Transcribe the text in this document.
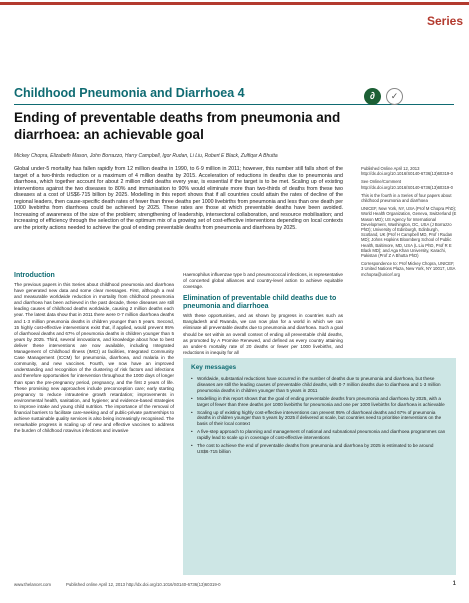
Series
Childhood Pneumonia and Diarrhoea 4	∂	✓
Ending of preventable deaths from pneumonia and diarrhoea: an achievable goal
Mickey Chopra, Elizabeth Mason, John Borrazzo, Harry Campbell, Igor Rudan, Li Liu, Robert E Black, Zulfiqar A Bhutta
Global under-5 mortality has fallen rapidly from 12 million deaths in 1990, to 6·9 million in 2011; however, this number still falls short of the target of a two-thirds reduction or a maximum of 4 million deaths by 2015. Acceleration of reductions in deaths due to pneumonia and diarrhoea, which together account for about 2 million child deaths every year, is essential if the target is to be met. Scaling up of existing interventions against the two diseases to 80% and immunisation to 90% would eliminate more than two-thirds of deaths from these two diseases at a cost of US$6·715 billion by 2025. Modelling in this report shows that if all countries could attain the rates of decline of the regional leaders, then cause-specific death rates of fewer than three deaths per 1000 livebirths from pneumonia and less than one death per 1000 livebirths from diarrhoea could be achieved by 2025. These rates are those at which preventable deaths have been avoided. Increasing of awareness of the size of the problem; strengthening of leadership, intersectoral collaboration, and resource mobilisation; and increasing of efficiency through the selection of the optimum mix of a growing set of cost-effective interventions depending on local contexts are the priority actions needed to achieve the goal of ending preventable deaths from pneumonia and diarrhoea by 2025.
Introduction

The previous papers in this Series about childhood pneumonia and diarrhoea have generated new data and some clear messages. First, although a real and measurable worldwide reduction in mortality from childhood pneumonia and diarrhoea has been achieved in the past decade, these diseases are still leading causes of childhood deaths worldwide, causing 2 million deaths each year. The latest data show that in 2011 there were 0·7 million diarrhoea deaths and 1·3 million pneumonia deaths in children younger than 5 years. Second, 15 highly cost-effective interventions exist that, if applied, would prevent 95% of diarrhoeal deaths and 67% of pneumonia deaths in children younger than 5 years by 2025. Third, several innovations, and knowledge about how to best deliver these interventions are now available, including Integrated Management of Childhood Illness (IMCI) at facilities, Integrated Community Case Management (ICCM) for pneumonia, diarrhoea, and malaria in the community, and new vaccines. Fourth, we now have an improved understanding and recognition of the clustering of risk factors and infections and therefore opportunities for intervention throughout the 1000 days of longer than span the pre-pregnancy period, pregnancy, and the first 2 years of life. These promising new approaches include preconception care; early starting pregnancy to reduce intrauterine growth retardation; improvements in environmental health, sanitation, and hygiene; and evidence-based strategies to improve intake and young child nutrition. The importance of the removal of financial barriers to facilitate care-seeking and of public-private partnerships to achieve sustainable quality services is also being increasingly recognised. The remarkable progress in scaling up of new and effective vaccines to address the burden of childhood rotavirus infections and invasive

Haemophilus influenzae type b and pneumococcal infections, is representative of concerted global alliances and country-level action to achieve equitable coverage.

Elimination of preventable child deaths due to pneumonia and diarrhoea

With these opportunities, and as shown by progress in countries such as Bangladesh and Rwanda, we can now plan for a world in which we can eliminate all preventable deaths due to pneumonia and diarrhoea. Such a goal should be set within an overall context of ending all preventable child deaths, as promoted by A Promise Renewed, and defined as every country attaining an under-5 mortality rate of 20 deaths or fewer per 1000 livebirths, and reductions in inequity for all

Published Online April 12, 2013 http://dx.doi.org/10.1016/S0140-6736(13)60319-0

See Online/Comment http://dx.doi.org/10.1016/S0140-6736(13)60319-0

This is the fourth in a Series of four papers about childhood pneumonia and diarrhoea

UNICEF, New York, NY, USA (Prof M Chopra PhD); World Health Organization, Geneva, Switzerland (E Mason MD); US Agency for International Development, Washington, DC, USA (J Borrazzo PhD); University of Edinburgh, Edinburgh, Scotland, UK (Prof H Campbell MD, Prof I Rudan MD); Johns Hopkins Bloomberg School of Public Health, Baltimore, MD, USA (L Liu PhD, Prof R E Black MD); and Aga Khan University, Karachi, Pakistan (Prof Z A Bhutta PhD)

Correspondence to: Prof Mickey Chopra, UNICEF, 3 United Nations Plaza, New York, NY 10017, USA mchopra@unicef.org

Key messages
• Worldwide, substantial reductions have occurred in the number of deaths due to pneumonia and diarrhoea, but these diseases are still the leading causes of preventable child deaths, with 0·7 million deaths due to diarrhoea and 1·3 million pneumonia deaths in children younger than 5 years in 2011
• Modelling in this report shows that the goal of ending preventable deaths from pneumonia and diarrhoea by 2025, with a target of fewer than three deaths per 1000 livebirths for pneumonia and one per 1000 livebirths for diarrhoea is achievable
• Scaling up of existing highly cost-effective interventions can prevent 95% of diarrhoeal deaths and 67% of pneumonia deaths in children younger than 5 years by 2025 if delivered at scale, but countries need to prioritise interventions on the basis of their local context
• A five-step approach to planning and management of national and subnational pneumonia and diarrhoea programmes can rapidly lead to scale up in coverage of cost-effective interventions
• The cost to achieve the end of preventable deaths from pneumonia and diarrhoea by 2025 is estimated to be around US$6·715 billion
www.thelancet.com	Published online April 12, 2013 http://dx.doi.org/10.1016/S0140-6736(13)60319-0	1
